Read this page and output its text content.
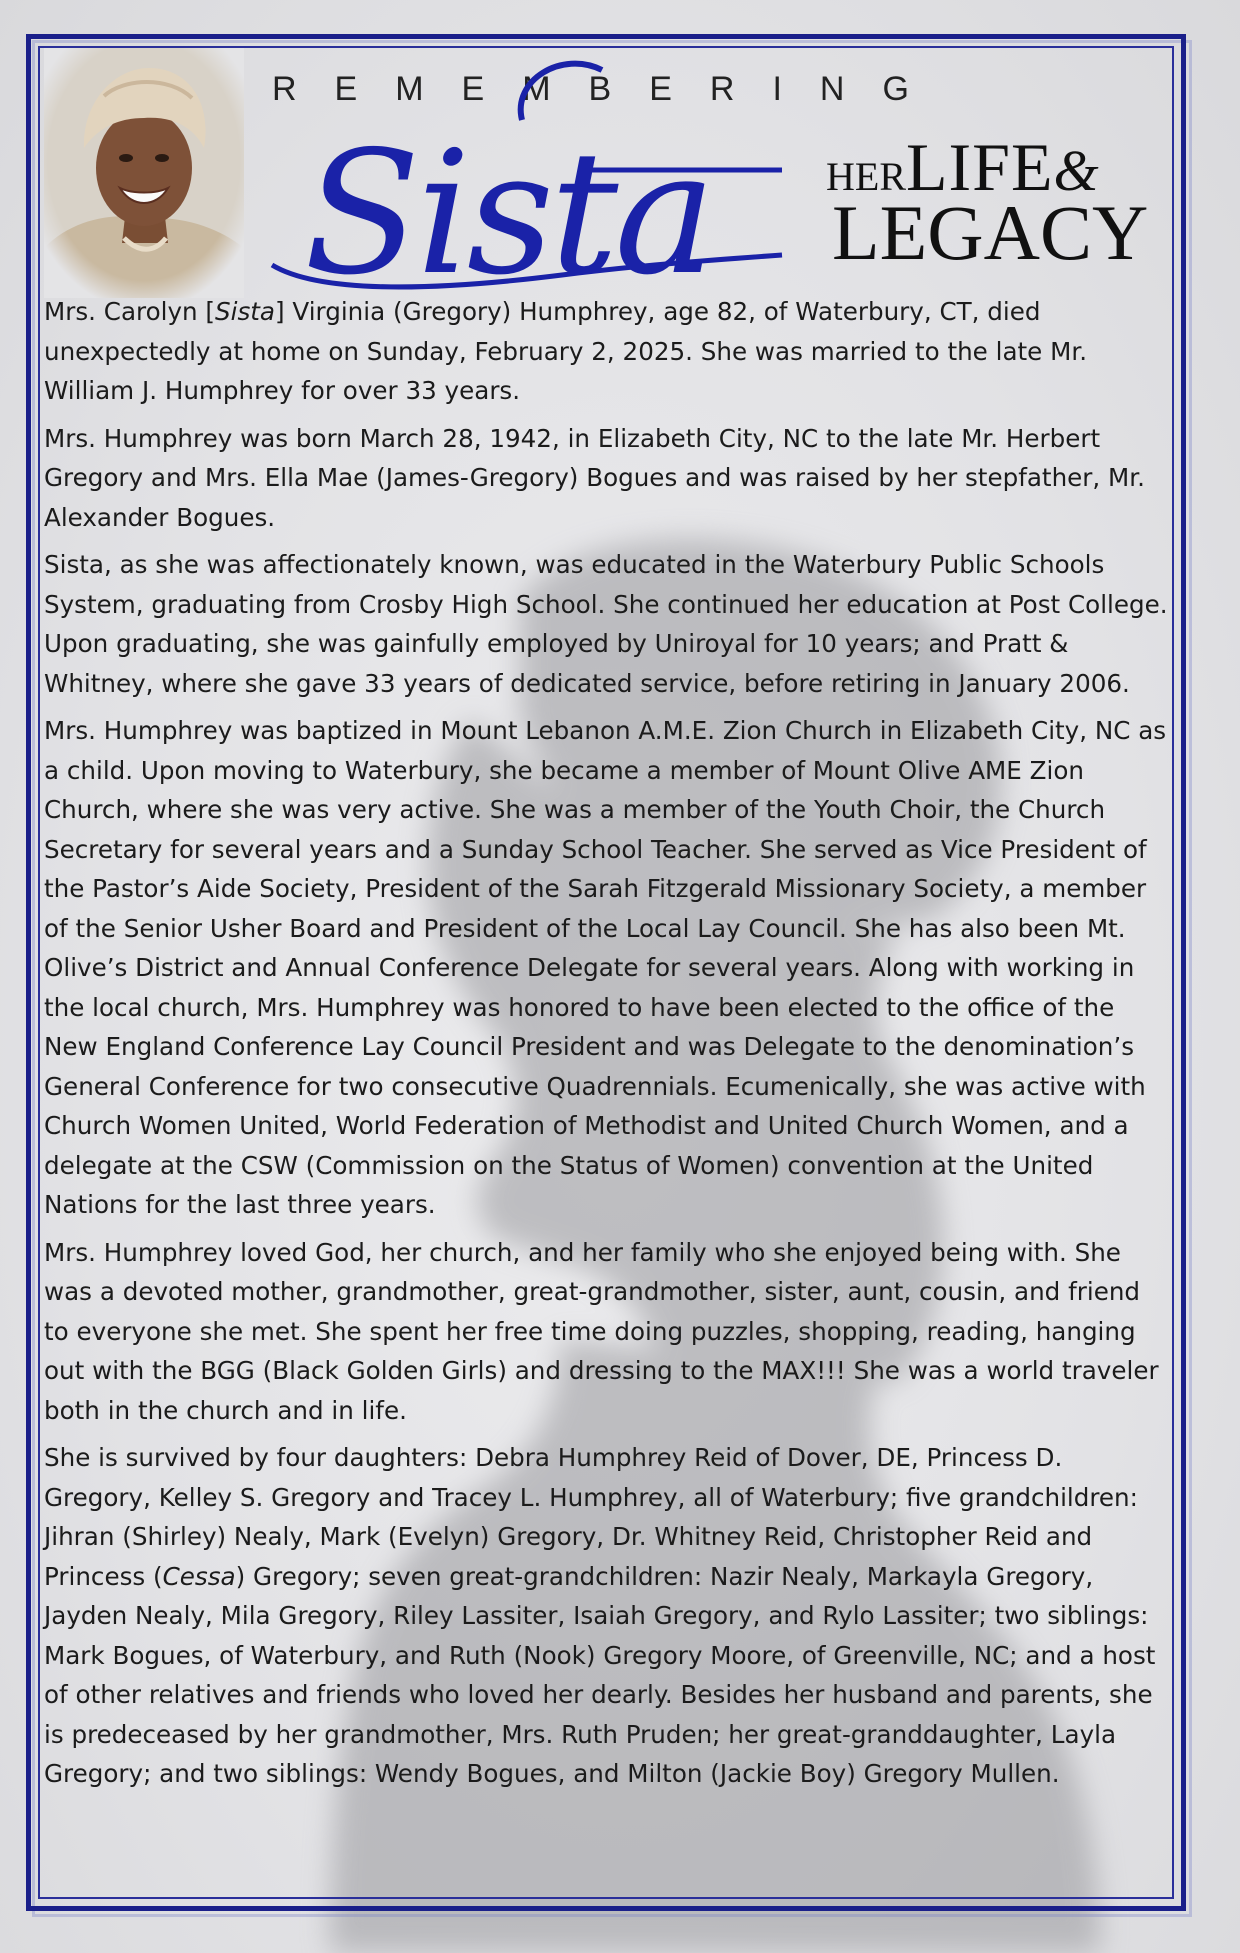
REMEMBERING
Sista	HERLIFE&
LEGACY

Mrs. Carolyn [Sista] Virginia (Gregory) Humphrey, age 82, of Waterbury, CT, died unexpectedly at home on Sunday, February 2, 2025. She was married to the late Mr. William J. Humphrey for over 33 years.

Mrs. Humphrey was born March 28, 1942, in Elizabeth City, NC to the late Mr. Herbert Gregory and Mrs. Ella Mae (James-Gregory) Bogues and was raised by her stepfather, Mr. Alexander Bogues.

Sista, as she was affectionately known, was educated in the Waterbury Public Schools System, graduating from Crosby High School. She continued her education at Post College. Upon graduating, she was gainfully employed by Uniroyal for 10 years; and Pratt & Whitney, where she gave 33 years of dedicated service, before retiring in January 2006.

Mrs. Humphrey was baptized in Mount Lebanon A.M.E. Zion Church in Elizabeth City, NC as a child. Upon moving to Waterbury, she became a member of Mount Olive AME Zion Church, where she was very active. She was a member of the Youth Choir, the Church Secretary for several years and a Sunday School Teacher. She served as Vice President of the Pastor’s Aide Society, President of the Sarah Fitzgerald Missionary Society, a member of the Senior Usher Board and President of the Local Lay Council. She has also been Mt. Olive’s District and Annual Conference Delegate for several years. Along with working in the local church, Mrs. Humphrey was honored to have been elected to the office of the New England Conference Lay Council President and was Delegate to the denomination’s General Conference for two consecutive Quadrennials. Ecumenically, she was active with Church Women United, World Federation of Methodist and United Church Women, and a delegate at the CSW (Commission on the Status of Women) convention at the United Nations for the last three years.

Mrs. Humphrey loved God, her church, and her family who she enjoyed being with. She was a devoted mother, grandmother, great-grandmother, sister, aunt, cousin, and friend to everyone she met. She spent her free time doing puzzles, shopping, reading, hanging out with the BGG (Black Golden Girls) and dressing to the MAX!!! She was a world traveler both in the church and in life.

She is survived by four daughters: Debra Humphrey Reid of Dover, DE, Princess D. Gregory, Kelley S. Gregory and Tracey L. Humphrey, all of Waterbury; five grandchildren: Jihran (Shirley) Nealy, Mark (Evelyn) Gregory, Dr. Whitney Reid, Christopher Reid and Princess (Cessa) Gregory; seven great-grandchildren: Nazir Nealy, Markayla Gregory, Jayden Nealy, Mila Gregory, Riley Lassiter, Isaiah Gregory, and Rylo Lassiter; two siblings: Mark Bogues, of Waterbury, and Ruth (Nook) Gregory Moore, of Greenville, NC; and a host of other relatives and friends who loved her dearly. Besides her husband and parents, she is predeceased by her grandmother, Mrs. Ruth Pruden; her great-granddaughter, Layla Gregory; and two siblings: Wendy Bogues, and Milton (Jackie Boy) Gregory Mullen.
